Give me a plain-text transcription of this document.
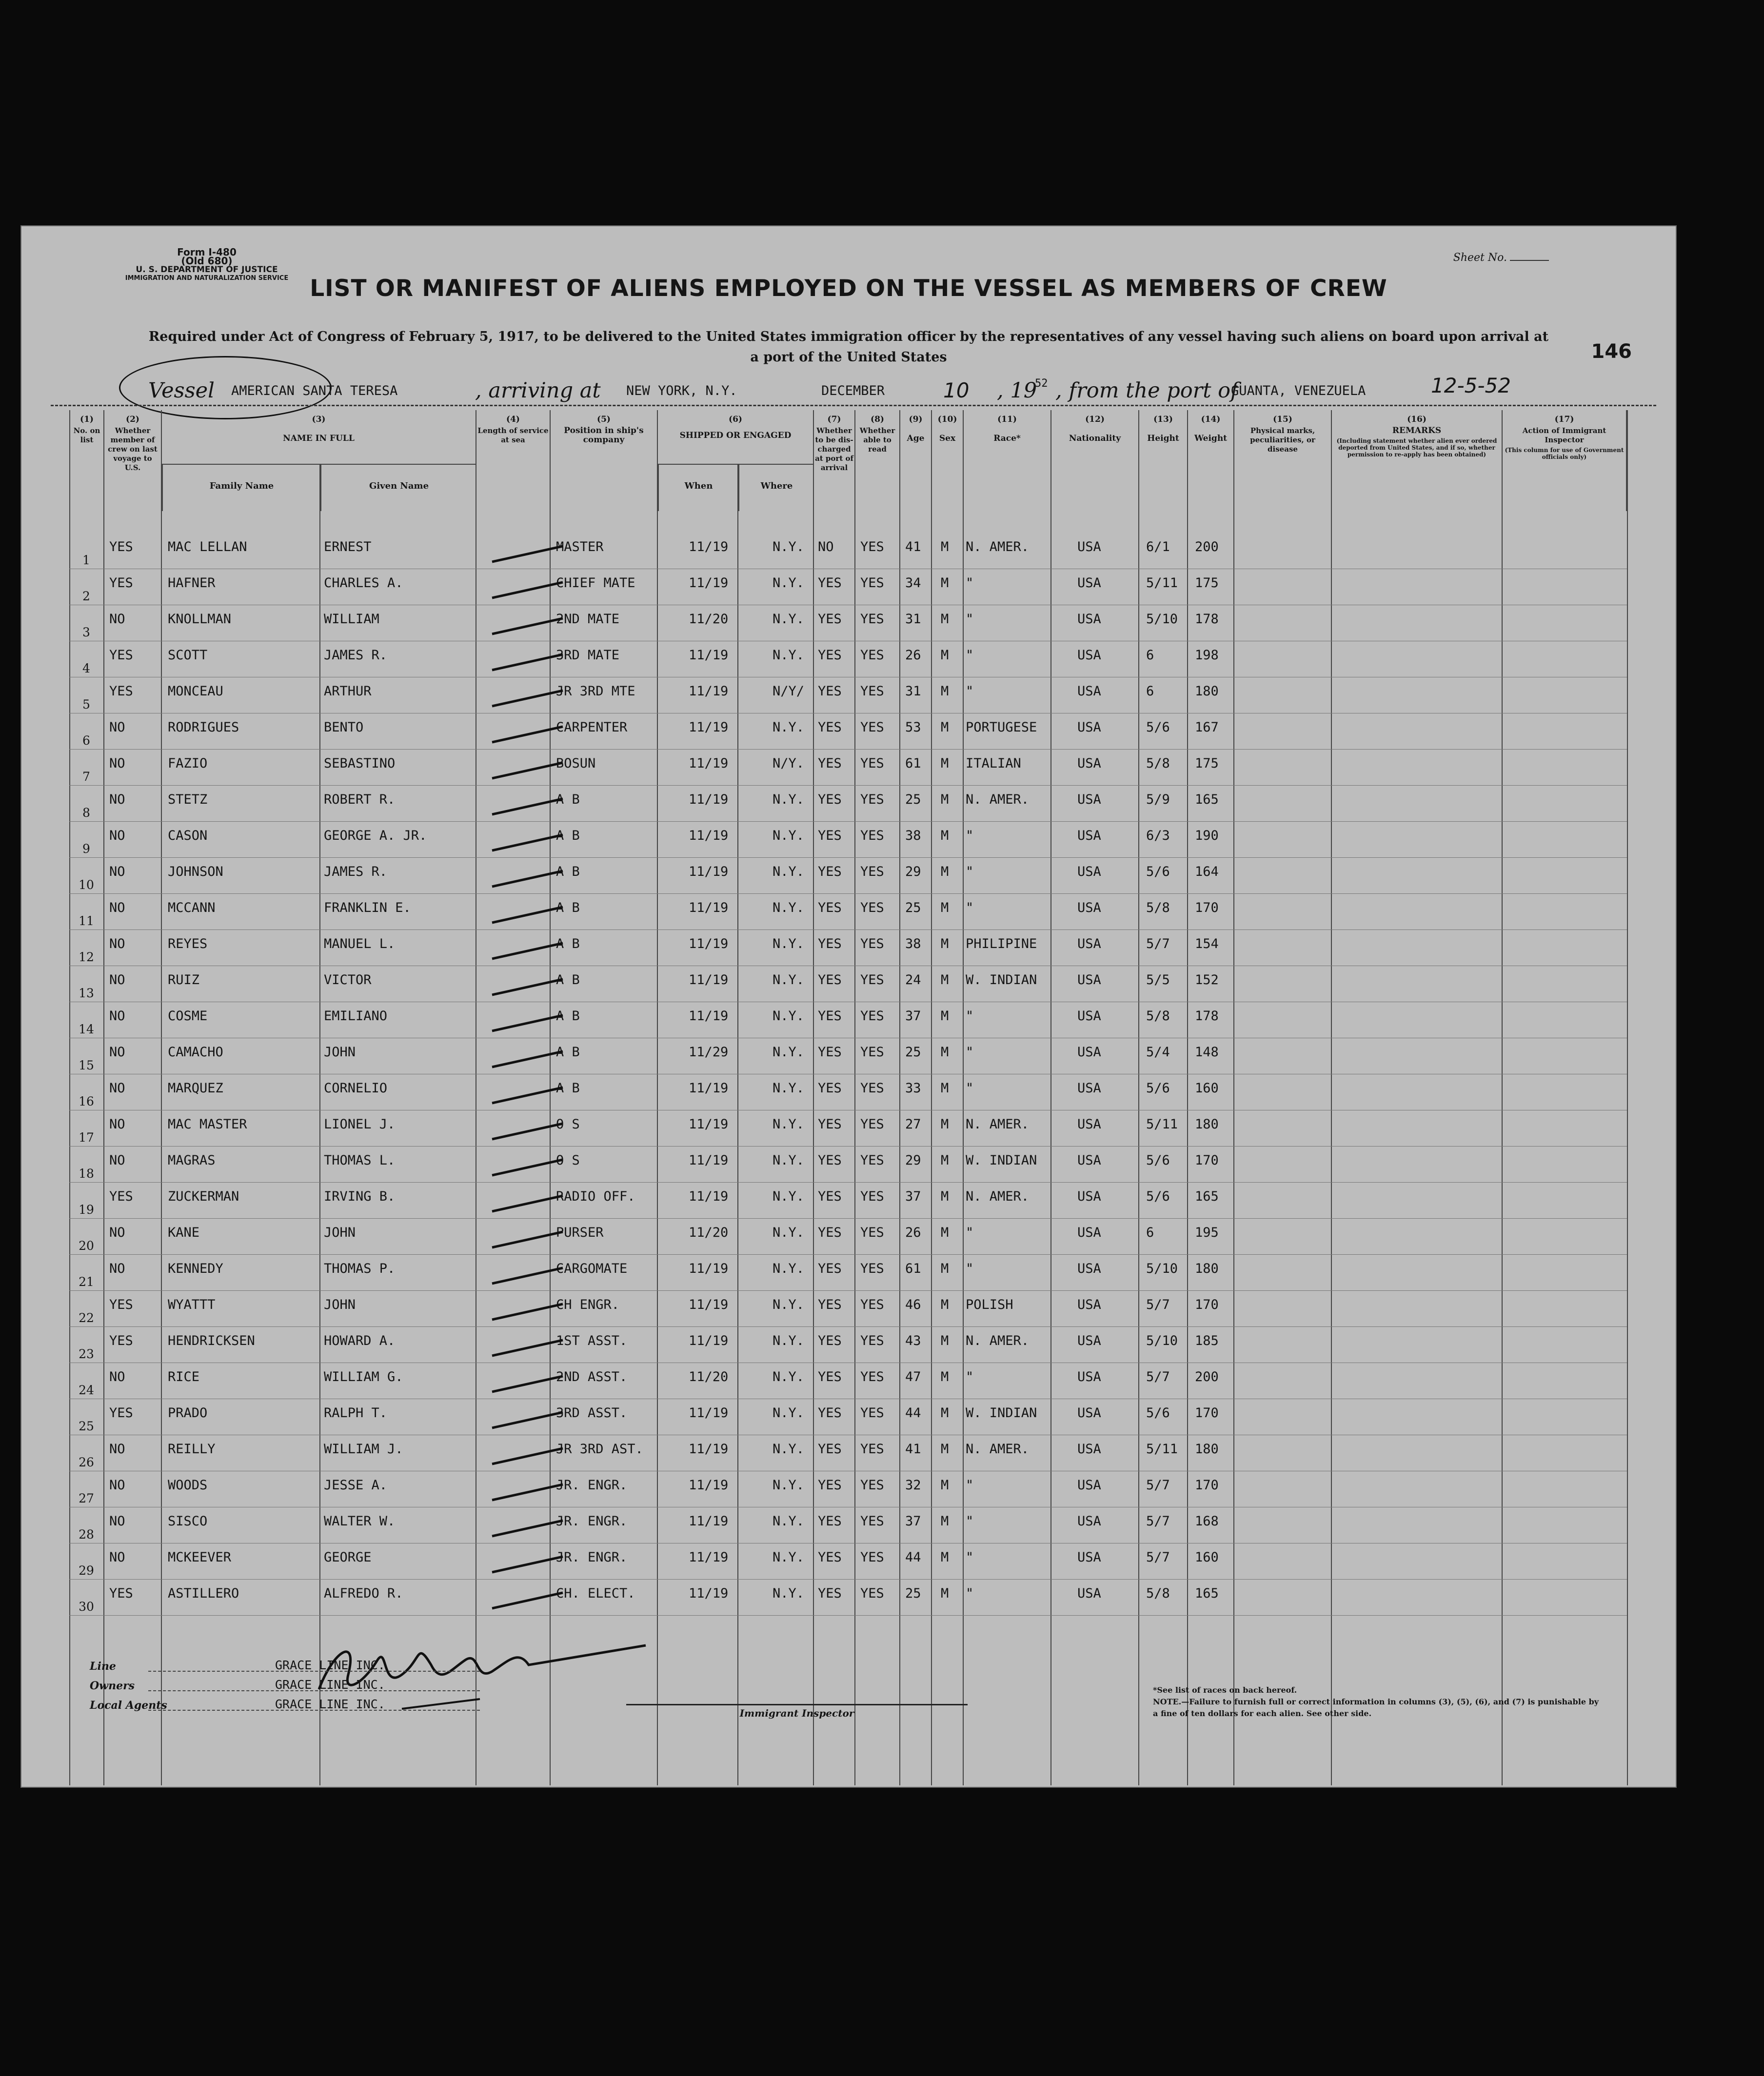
Form I-480
(Old 680)
U. S. DEPARTMENT OF JUSTICE
IMMIGRATION AND NATURALIZATION SERVICE
Sheet No.
LIST OR MANIFEST OF ALIENS EMPLOYED ON THE VESSEL AS MEMBERS OF CREW
Required under Act of Congress of February 5, 1917, to be delivered to the United States immigration officer by the representatives of any vessel having such aliens on board upon arrival at a port of the United States	146
Vessel AMERICAN SANTA TERESA	, arriving at NEW YORK, N.Y.	DECEMBER	10 , 19
52 , from the port of
GUANTA, VENEZUELA	12-5-52
(1)
No. on list
(2)
Whether member of crew on last voyage to U.S.
(3)
NAME IN FULL
Family Name	Given Name
(4)
Length of service at sea
(5)
Position in ship's company
(6)
SHIPPED OR ENGAGED
When	Where
(7)
Whether to be dis-charged at port of arrival
(8)
Whether able to read
(9)
Age
(10)
Sex
(11)
Race*
(12)
Nationality
(13)
Height
(14)
Weight
(15)
Physical marks, peculiarities, or disease
(16)
REMARKS
(Including statement whether alien ever ordered deported from United States, and if so, whether permission to re-apply has been obtained)
(17)
Action of Immigrant Inspector
(This column for use of Government officials only)
1
YES	MAC LELLAN	ERNEST	MASTER	11/19	N.Y.	NO	YES	41	M	N. AMER.	USA	6/1	200
2
YES	HAFNER	CHARLES A.	CHIEF MATE	11/19	N.Y.	YES	YES	34	M	"	USA	5/11	175
3
NO	KNOLLMAN	WILLIAM	2ND MATE	11/20	N.Y.	YES	YES	31	M	"	USA	5/10	178
4
YES	SCOTT	JAMES R.	3RD MATE	11/19	N.Y.	YES	YES	26	M	"	USA	6	198
5
YES	MONCEAU	ARTHUR	JR 3RD MTE	11/19	N/Y/	YES	YES	31	M	"	USA	6	180
6
NO	RODRIGUES	BENTO	CARPENTER	11/19	N.Y.	YES	YES	53	M	PORTUGESE	USA	5/6	167
7
NO	FAZIO	SEBASTINO	BOSUN	11/19	N/Y.	YES	YES	61	M	ITALIAN	USA	5/8	175
8
NO	STETZ	ROBERT R.	A B	11/19	N.Y.	YES	YES	25	M	N. AMER.	USA	5/9	165
9
NO	CASON	GEORGE A. JR.	A B	11/19	N.Y.	YES	YES	38	M	"	USA	6/3	190
10
NO	JOHNSON	JAMES R.	A B	11/19	N.Y.	YES	YES	29	M	"	USA	5/6	164
11
NO	MCCANN	FRANKLIN E.	A B	11/19	N.Y.	YES	YES	25	M	"	USA	5/8	170
12
NO	REYES	MANUEL L.	A B	11/19	N.Y.	YES	YES	38	M	PHILIPINE	USA	5/7	154
13
NO	RUIZ	VICTOR	A B	11/19	N.Y.	YES	YES	24	M	W. INDIAN	USA	5/5	152
14
NO	COSME	EMILIANO	A B	11/19	N.Y.	YES	YES	37	M	"	USA	5/8	178
15
NO	CAMACHO	JOHN	A B	11/29	N.Y.	YES	YES	25	M	"	USA	5/4	148
16
NO	MARQUEZ	CORNELIO	A B	11/19	N.Y.	YES	YES	33	M	"	USA	5/6	160
17
NO	MAC MASTER	LIONEL J.	O S	11/19	N.Y.	YES	YES	27	M	N. AMER.	USA	5/11	180
18
NO	MAGRAS	THOMAS L.	O S	11/19	N.Y.	YES	YES	29	M	W. INDIAN	USA	5/6	170
19
YES	ZUCKERMAN	IRVING B.	RADIO OFF.	11/19	N.Y.	YES	YES	37	M	N. AMER.	USA	5/6	165
20
NO	KANE	JOHN	PURSER	11/20	N.Y.	YES	YES	26	M	"	USA	6	195
21
NO	KENNEDY	THOMAS P.	CARGOMATE	11/19	N.Y.	YES	YES	61	M	"	USA	5/10	180
22
YES	WYATTT	JOHN	CH ENGR.	11/19	N.Y.	YES	YES	46	M	POLISH	USA	5/7	170
23
YES	HENDRICKSEN	HOWARD A.	1ST ASST.	11/19	N.Y.	YES	YES	43	M	N. AMER.	USA	5/10	185
24
NO	RICE	WILLIAM G.	2ND ASST.	11/20	N.Y.	YES	YES	47	M	"	USA	5/7	200
25
YES	PRADO	RALPH T.	3RD ASST.	11/19	N.Y.	YES	YES	44	M	W. INDIAN	USA	5/6	170
26
NO	REILLY	WILLIAM J.	JR 3RD AST.	11/19	N.Y.	YES	YES	41	M	N. AMER.	USA	5/11	180
27
NO	WOODS	JESSE A.	JR. ENGR.	11/19	N.Y.	YES	YES	32	M	"	USA	5/7	170
28
NO	SISCO	WALTER W.	JR. ENGR.	11/19	N.Y.	YES	YES	37	M	"	USA	5/7	168
29
NO	MCKEEVER	GEORGE	JR. ENGR.	11/19	N.Y.	YES	YES	44	M	"	USA	5/7	160
30
YES	ASTILLERO	ALFREDO R.	CH. ELECT.	11/19	N.Y.	YES	YES	25	M	"	USA	5/8	165
Line	GRACE LINE INC.
Owners	GRACE LINE INC.
Local Agents	GRACE LINE INC.
Immigrant Inspector
*See list of races on back hereof.
NOTE.—Failure to furnish full or correct information in columns (3), (5), (6), and (7) is punishable by a fine of ten dollars for each alien. See other side.
